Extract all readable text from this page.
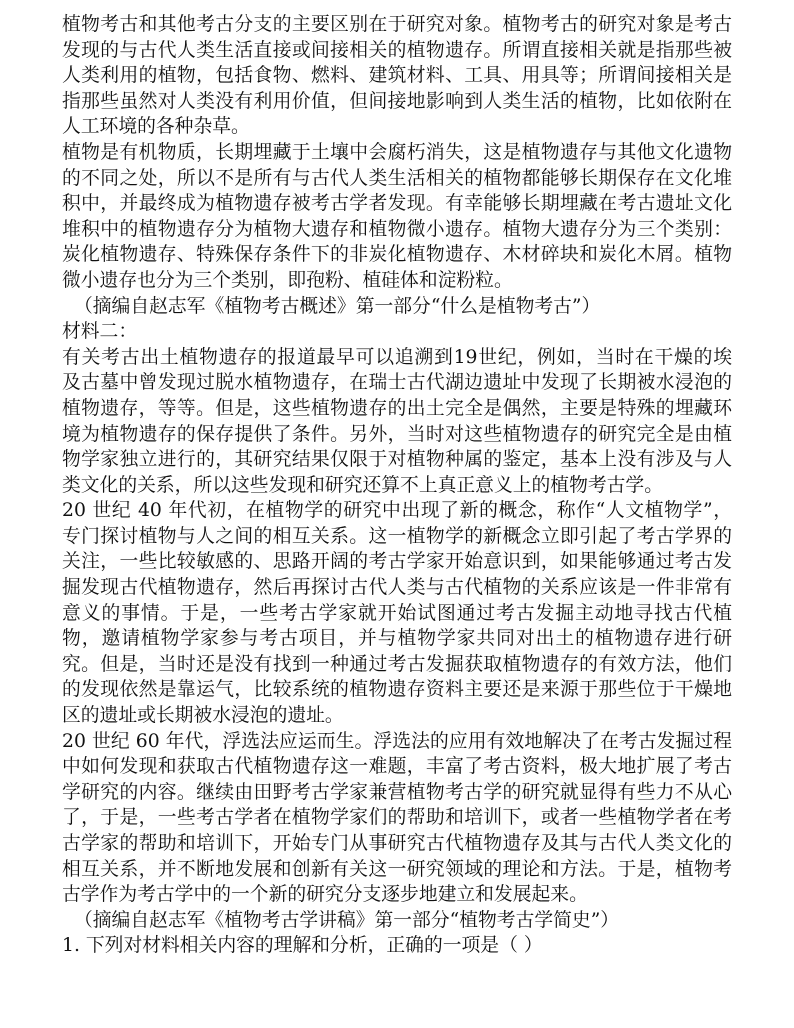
植物考古和其他考古分支的主要区别在于研究对象。植物考古的研究对象是考古
发现的与古代人类生活直接或间接相关的植物遗存。所谓直接相关就是指那些被
人类利用的植物，包括食物、燃料、建筑材料、工具、用具等；所谓间接相关是
指那些虽然对人类没有利用价值，但间接地影响到人类生活的植物，比如依附在
人工环境的各种杂草。
植物是有机物质，长期埋藏于土壤中会腐朽消失，这是植物遗存与其他文化遗物
的不同之处，所以不是所有与古代人类生活相关的植物都能够长期保存在文化堆
积中，并最终成为植物遗存被考古学者发现。有幸能够长期埋藏在考古遗址文化
堆积中的植物遗存分为植物大遗存和植物微小遗存。植物大遗存分为三个类别：
炭化植物遗存、特殊保存条件下的非炭化植物遗存、木材碎块和炭化木屑。植物
微小遗存也分为三个类别，即孢粉、植硅体和淀粉粒。
（摘编自赵志军《植物考古概述》第一部分“什么是植物考古”）
材料二：
有关考古出土植物遗存的报道最早可以追溯到19世纪，例如，当时在干燥的埃
及古墓中曾发现过脱水植物遗存，在瑞士古代湖边遗址中发现了长期被水浸泡的
植物遗存，等等。但是，这些植物遗存的出土完全是偶然，主要是特殊的埋藏环
境为植物遗存的保存提供了条件。另外，当时对这些植物遗存的研究完全是由植
物学家独立进行的，其研究结果仅限于对植物种属的鉴定，基本上没有涉及与人
类文化的关系，所以这些发现和研究还算不上真正意义上的植物考古学。
20 世纪 40 年代初，在植物学的研究中出现了新的概念，称作“人文植物学”，
专门探讨植物与人之间的相互关系。这一植物学的新概念立即引起了考古学界的
关注，一些比较敏感的、思路开阔的考古学家开始意识到，如果能够通过考古发
掘发现古代植物遗存，然后再探讨古代人类与古代植物的关系应该是一件非常有
意义的事情。于是，一些考古学家就开始试图通过考古发掘主动地寻找古代植
物，邀请植物学家参与考古项目，并与植物学家共同对出土的植物遗存进行研
究。但是，当时还是没有找到一种通过考古发掘获取植物遗存的有效方法，他们
的发现依然是靠运气，比较系统的植物遗存资料主要还是来源于那些位于干燥地
区的遗址或长期被水浸泡的遗址。
20 世纪 60 年代，浮选法应运而生。浮选法的应用有效地解决了在考古发掘过程
中如何发现和获取古代植物遗存这一难题，丰富了考古资料，极大地扩展了考古
学研究的内容。继续由田野考古学家兼营植物考古学的研究就显得有些力不从心
了，于是，一些考古学者在植物学家们的帮助和培训下，或者一些植物学者在考
古学家的帮助和培训下，开始专门从事研究古代植物遗存及其与古代人类文化的
相互关系，并不断地发展和创新有关这一研究领域的理论和方法。于是，植物考
古学作为考古学中的一个新的研究分支逐步地建立和发展起来。
（摘编自赵志军《植物考古学讲稿》第一部分“植物考古学简史”）
1. 下列对材料相关内容的理解和分析，正确的一项是（ ）
